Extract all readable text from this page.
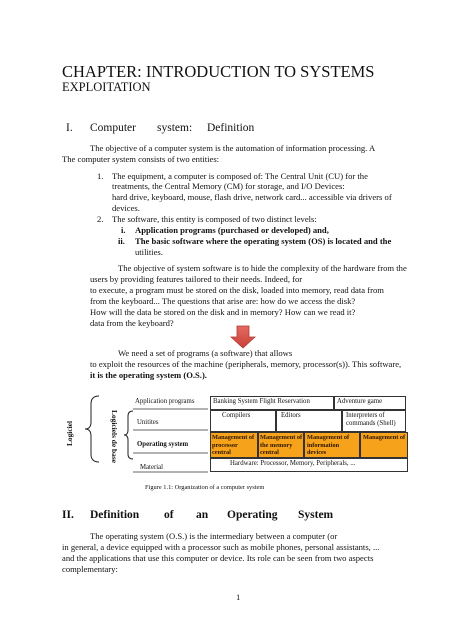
CHAPTER: INTRODUCTION TO SYSTEMS
EXPLOITATION
I. Computer system: Definition
The objective of a computer system is the automation of information processing. A
The computer system consists of two entities:
1. The equipment, a computer is composed of: The Central Unit (CU) for the
treatments, the Central Memory (CM) for storage, and I/O Devices:
hard drive, keyboard, mouse, flash drive, network card... accessible via drivers of
devices.
2. The software, this entity is composed of two distinct levels:
i. Application programs (purchased or developed) and,
ii. The basic software where the operating system (OS) is located and the
utilities.
The objective of system software is to hide the complexity of the hardware from the
users by providing features tailored to their needs. Indeed, for
to execute, a program must be stored on the disk, loaded into memory, read data from
from the keyboard... The questions that arise are: how do we access the disk?
How will the data be stored on the disk and in memory? How can we read it?
data from the keyboard?
We need a set of programs (a software) that allows
to exploit the resources of the machine (peripherals, memory, processor(s)). This software,
it is the operating system (O.S.).
Logiciel	Logiciels de base
Application programs
Unitites
Operating system
Material
Banking System Flight Reservation	Adventure game
Compilers	Editors	Interpreters of commands (Shell)
Management of processor central
Management of the memory central
Management of information devices
Management of
Hardware: Processor, Memory, Peripherals, ...
Figure 1.1: Organization of a computer system
II. Definition of an Operating System
The operating system (O.S.) is the intermediary between a computer (or
in general, a device equipped with a processor such as mobile phones, personal assistants, ...
and the applications that use this computer or device. Its role can be seen from two aspects
complementary:
1
